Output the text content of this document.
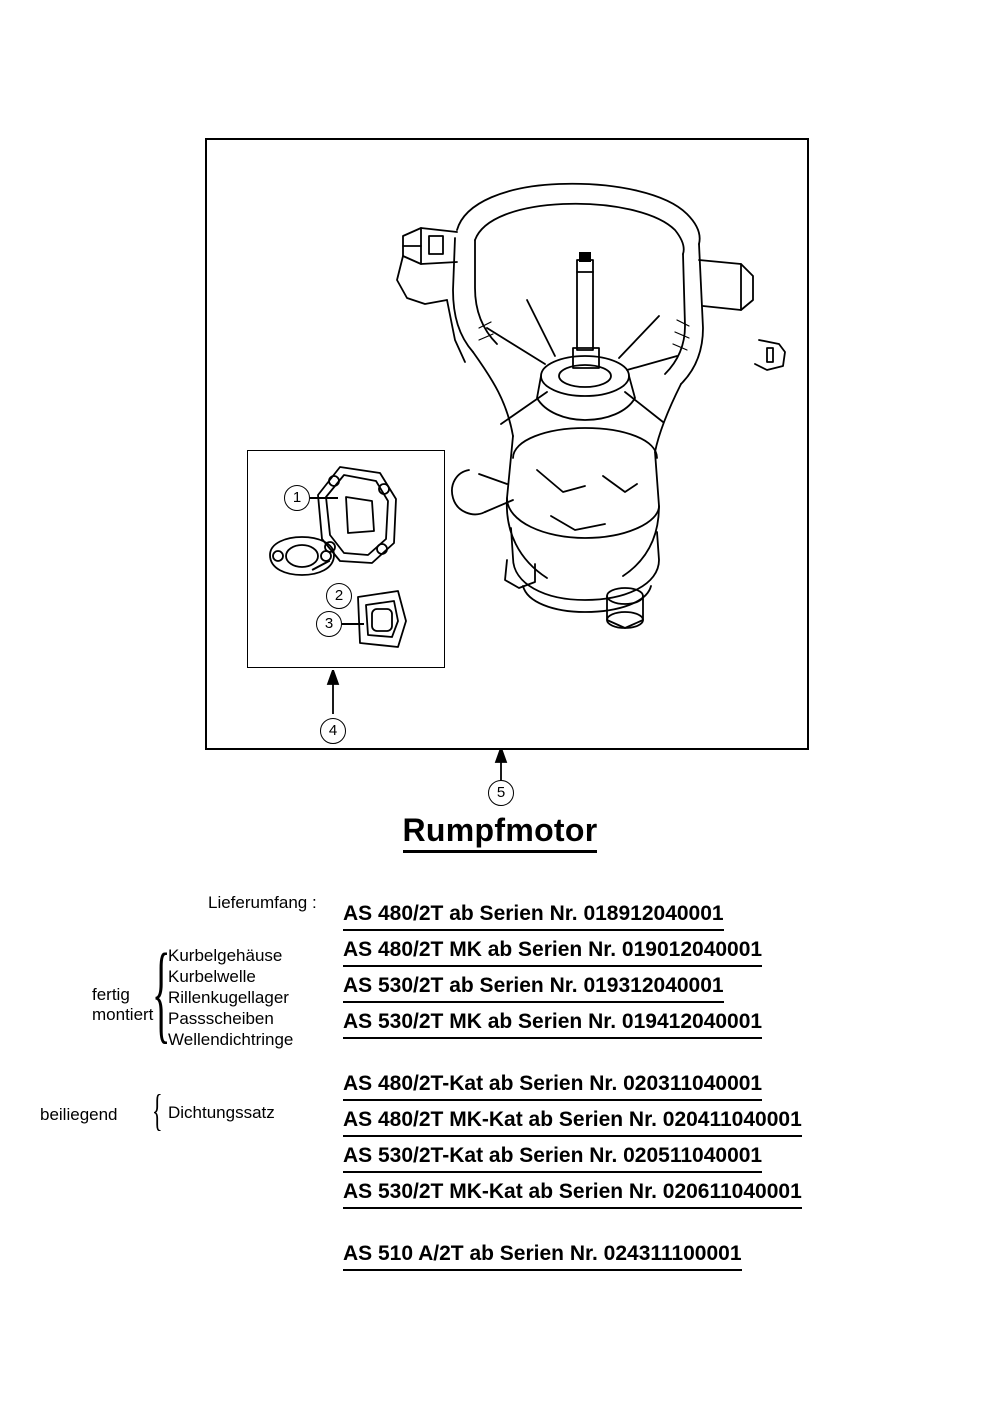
1
2
3
4
5
Rumpfmotor
Lieferumfang :
{
{
fertig
montiert
Kurbelgehäuse
Kurbelwelle
Rillenkugellager
Passscheiben
Wellendichtringe
beiliegend	Dichtungssatz
AS 480/2T ab Serien Nr. 018912040001
AS 480/2T MK ab Serien Nr. 019012040001
AS 530/2T ab Serien Nr. 019312040001
AS 530/2T MK ab Serien Nr. 019412040001
AS 480/2T-Kat ab Serien Nr. 020311040001
AS 480/2T MK-Kat ab Serien Nr. 020411040001
AS 530/2T-Kat ab Serien Nr. 020511040001
AS 530/2T MK-Kat ab Serien Nr. 020611040001
AS 510 A/2T ab Serien Nr. 024311100001
